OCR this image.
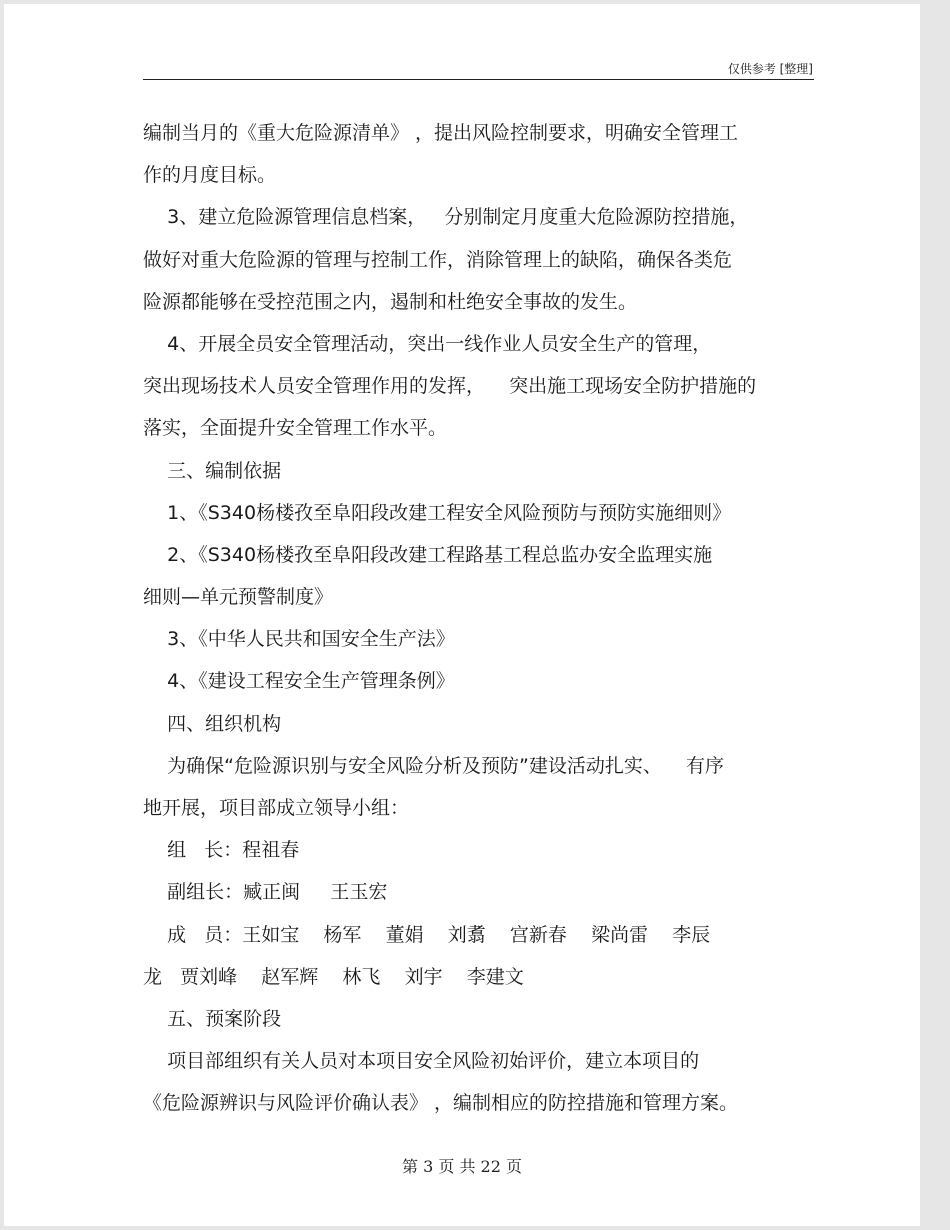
仅供参考 [整理]
编制当月的《重大危险源清单》 ，提出风险控制要求，明确安全管理工
作的月度目标。
3、建立危险源管理信息档案，   分别制定月度重大危险源防控措施，
做好对重大危险源的管理与控制工作，消除管理上的缺陷，确保各类危
险源都能够在受控范围之内，遏制和杜绝安全事故的发生。
4、开展全员安全管理活动，突出一线作业人员安全生产的管理，
突出现场技术人员安全管理作用的发挥，    突出施工现场安全防护措施的
落实，全面提升安全管理工作水平。
三、编制依据
1、《S340杨楼孜至阜阳段改建工程安全风险预防与预防实施细则》
2、《S340杨楼孜至阜阳段改建工程路基工程总监办安全监理实施
细则—单元预警制度》
3、《中华人民共和国安全生产法》
4、《建设工程安全生产管理条例》
四、组织机构
为确保“危险源识别与安全风险分析及预防”建设活动扎实、    有序
地开展，项目部成立领导小组：
组   长：程祖春
副组长：臧正闽     王玉宏
成   员：王如宝    杨军    董娟    刘翥    宫新春    梁尚雷    李辰
龙   贾刘峰    赵军辉    林飞    刘宇    李建文
五、预案阶段
项目部组织有关人员对本项目安全风险初始评价，建立本项目的
《危险源辨识与风险评价确认表》 ，编制相应的防控措施和管理方案。
第 3 页 共 22 页
